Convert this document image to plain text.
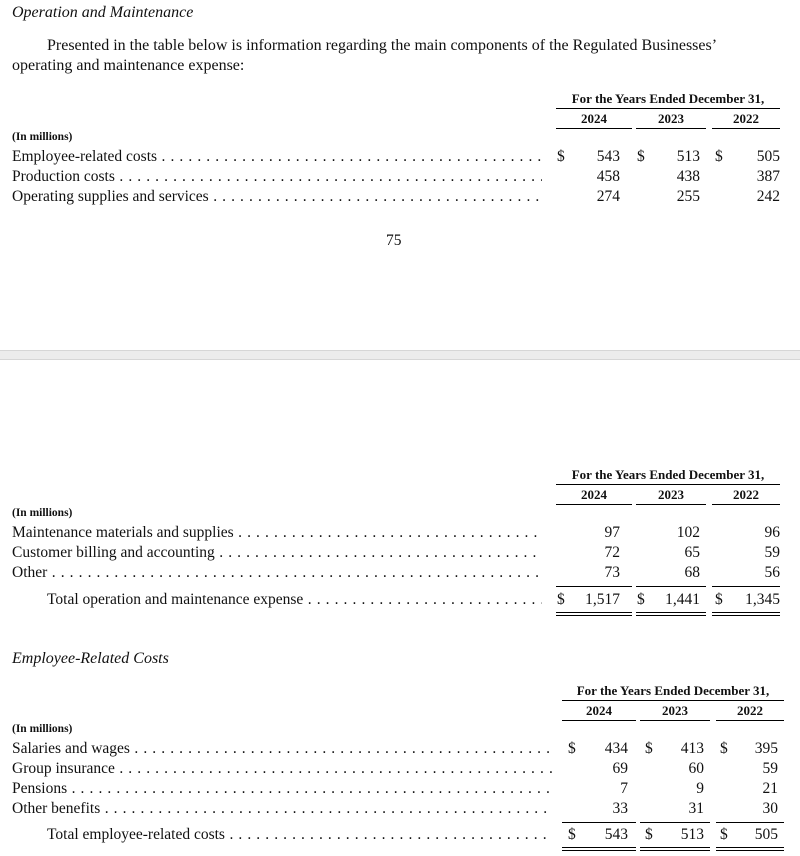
Operation and Maintenance
Presented in the table below is information regarding the main components of the Regulated Businesses’
operating and maintenance expense:
For the Years Ended December 31,
2024	2023	2022
(In millions)
Employee-related costs . . .	$	543 $	513 $	505
Production costs . . .	458	438	387
Operating supplies and services . . .	274	255	242
75
For the Years Ended December 31,
2024	2023	2022
(In millions)
Maintenance materials and supplies . . .	97	102	96
Customer billing and accounting . . .	72	65	59
Other . . .	73	68	56
Total operation and maintenance expense . . .	$	1,517 $	1,441 $	1,345
Employee-Related Costs
For the Years Ended December 31,
2024	2023	2022
(In millions)
Salaries and wages . . .	$	434 $	413 $	395
Group insurance . . .	69	60	59
Pensions . . .	7	9	21
Other benefits . . .	33	31	30
Total employee-related costs . . .	$	543 $	513 $	505
